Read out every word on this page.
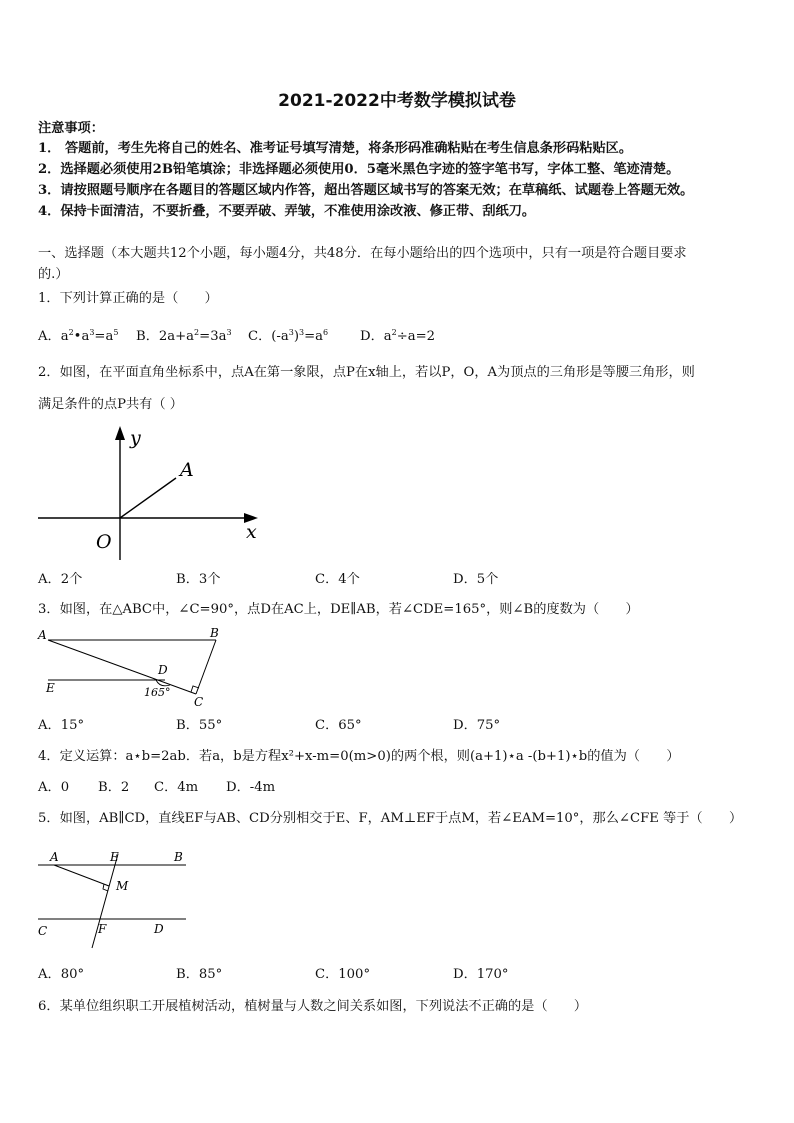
2021-2022中考数学模拟试卷
注意事项：
1． 答题前，考生先将自己的姓名、准考证号填写清楚，将条形码准确粘贴在考生信息条形码粘贴区。
2．选择题必须使用2B铅笔填涂；非选择题必须使用0．5毫米黑色字迹的签字笔书写，字体工整、笔迹清楚。
3．请按照题号顺序在各题目的答题区域内作答，超出答题区域书写的答案无效；在草稿纸、试题卷上答题无效。
4．保持卡面清洁，不要折叠，不要弄破、弄皱，不准使用涂改液、修正带、刮纸刀。
一、选择题（本大题共12个小题，每小题4分，共48分．在每小题给出的四个选项中，只有一项是符合题目要求
的.）
1．下列计算正确的是（　　）
A．$a^2•a^3=a^5$ B．$2a+a^2=3a^3$ C．$(-a^3)^3=a^6$ D．$a^2\div a=2$
2．如图，在平面直角坐标系中，点A在第一象限，点P在x轴上，若以P，O，A为顶点的三角形是等腰三角形，则
满足条件的点P共有（ ）
y
x
O
A
A．2个	B．3个	C．4个	D．5个
3．如图，在△ABC中，∠C=90°，点D在AC上，DE∥AB，若∠CDE=165°，则∠B的度数为（　　）
A	B
D
E
C
165°
A．15°	B．55°	C．65°	D．75°
4．定义运算：a⋆b=2ab．若a，b是方程x²+x-m=0(m>0)的两个根，则(a+1)⋆a -(b+1)⋆b的值为（　　）
A．0 B．2 C．4m D．-4m
5．如图，AB∥CD，直线EF与AB、CD分别相交于E、F，AM⊥EF于点M，若∠EAM=10°，那么∠CFE 等于（　　）
A	E	B
M
C	F	D
A．80°	B．85°	C．100°	D．170°
6．某单位组织职工开展植树活动，植树量与人数之间关系如图，下列说法不正确的是（　　）
